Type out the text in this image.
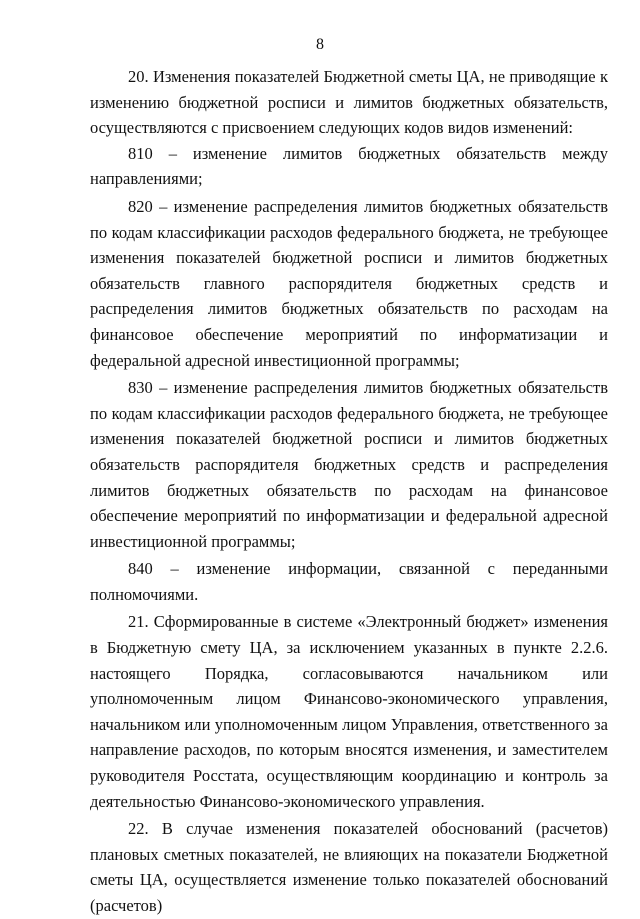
8

20. Изменения показателей Бюджетной сметы ЦА, не приводящие к изменению бюджетной росписи и лимитов бюджетных обязательств, осуществляются с присвоением следующих кодов видов изменений:

810 – изменение лимитов бюджетных обязательств между направлениями;

820 – изменение распределения лимитов бюджетных обязательств по кодам классификации расходов федерального бюджета, не требующее изменения показателей бюджетной росписи и лимитов бюджетных обязательств главного распорядителя бюджетных средств и распределения лимитов бюджетных обязательств по расходам на финансовое обеспечение мероприятий по информатизации и федеральной адресной инвестиционной программы;

830 – изменение распределения лимитов бюджетных обязательств по кодам классификации расходов федерального бюджета, не требующее изменения показателей бюджетной росписи и лимитов бюджетных обязательств распорядителя бюджетных средств и распределения лимитов бюджетных обязательств по расходам на финансовое обеспечение мероприятий по информатизации и федеральной адресной инвестиционной программы;

840 – изменение информации, связанной с переданными полномочиями.

21. Сформированные в системе «Электронный бюджет» изменения в Бюджетную смету ЦА, за исключением указанных в пункте 2.2.6. настоящего Порядка, согласовываются начальником или уполномоченным лицом Финансово-экономического управления, начальником или уполномоченным лицом Управления, ответственного за направление расходов, по которым вносятся изменения, и заместителем руководителя Росстата, осуществляющим координацию и контроль за деятельностью Финансово-экономического управления.

22. В случае изменения показателей обоснований (расчетов) плановых сметных показателей, не влияющих на показатели Бюджетной сметы ЦА, осуществляется изменение только показателей обоснований (расчетов)
